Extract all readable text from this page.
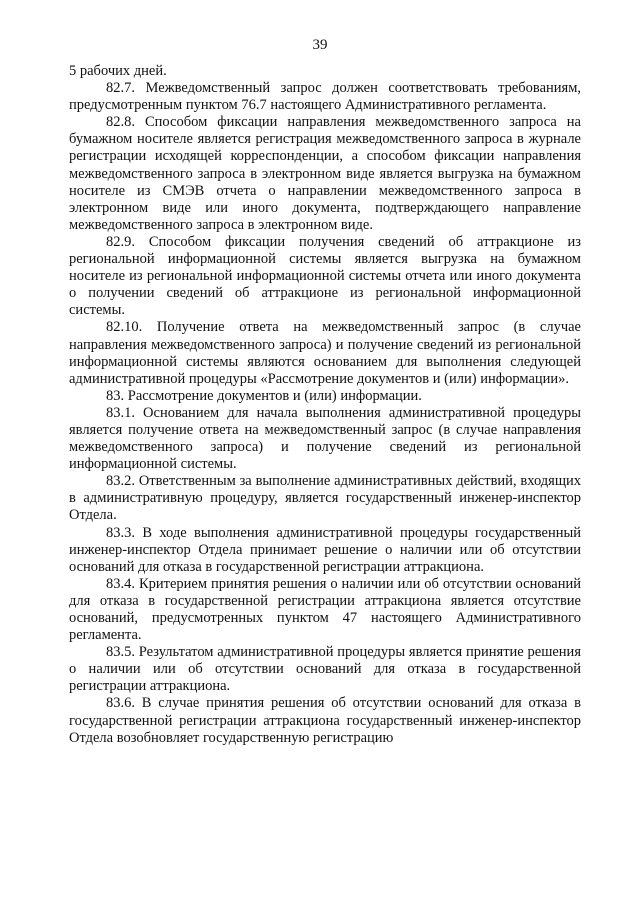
39

5 рабочих дней.

82.7. Межведомственный запрос должен соответствовать требованиям, предусмотренным пунктом 76.7 настоящего Административного регламента.

82.8. Способом фиксации направления межведомственного запроса на бумажном носителе является регистрация межведомственного запроса в журнале регистрации исходящей корреспонденции, а способом фиксации направления межведомственного запроса в электронном виде является выгрузка на бумажном носителе из СМЭВ отчета о направлении межведомственного запроса в электронном виде или иного документа, подтверждающего направление межведомственного запроса в электронном виде.

82.9. Способом фиксации получения сведений об аттракционе из региональной информационной системы является выгрузка на бумажном носителе из региональной информационной системы отчета или иного документа о получении сведений об аттракционе из региональной информационной системы.

82.10. Получение ответа на межведомственный запрос (в случае направления межведомственного запроса) и получение сведений из региональной информационной системы являются основанием для выполнения следующей административной процедуры «Рассмотрение документов и (или) информации».

83. Рассмотрение документов и (или) информации.

83.1. Основанием для начала выполнения административной процедуры является получение ответа на межведомственный запрос (в случае направления межведомственного запроса) и получение сведений из региональной информационной системы.

83.2. Ответственным за выполнение административных действий, входящих в административную процедуру, является государственный инженер-инспектор Отдела.

83.3. В ходе выполнения административной процедуры государственный инженер-инспектор Отдела принимает решение о наличии или об отсутствии оснований для отказа в государственной регистрации аттракциона.

83.4. Критерием принятия решения о наличии или об отсутствии оснований для отказа в государственной регистрации аттракциона является отсутствие оснований, предусмотренных пунктом 47 настоящего Административного регламента.

83.5. Результатом административной процедуры является принятие решения о наличии или об отсутствии оснований для отказа в государственной регистрации аттракциона.

83.6. В случае принятия решения об отсутствии оснований для отказа в государственной регистрации аттракциона государственный инженер-инспектор Отдела возобновляет государственную регистрацию
